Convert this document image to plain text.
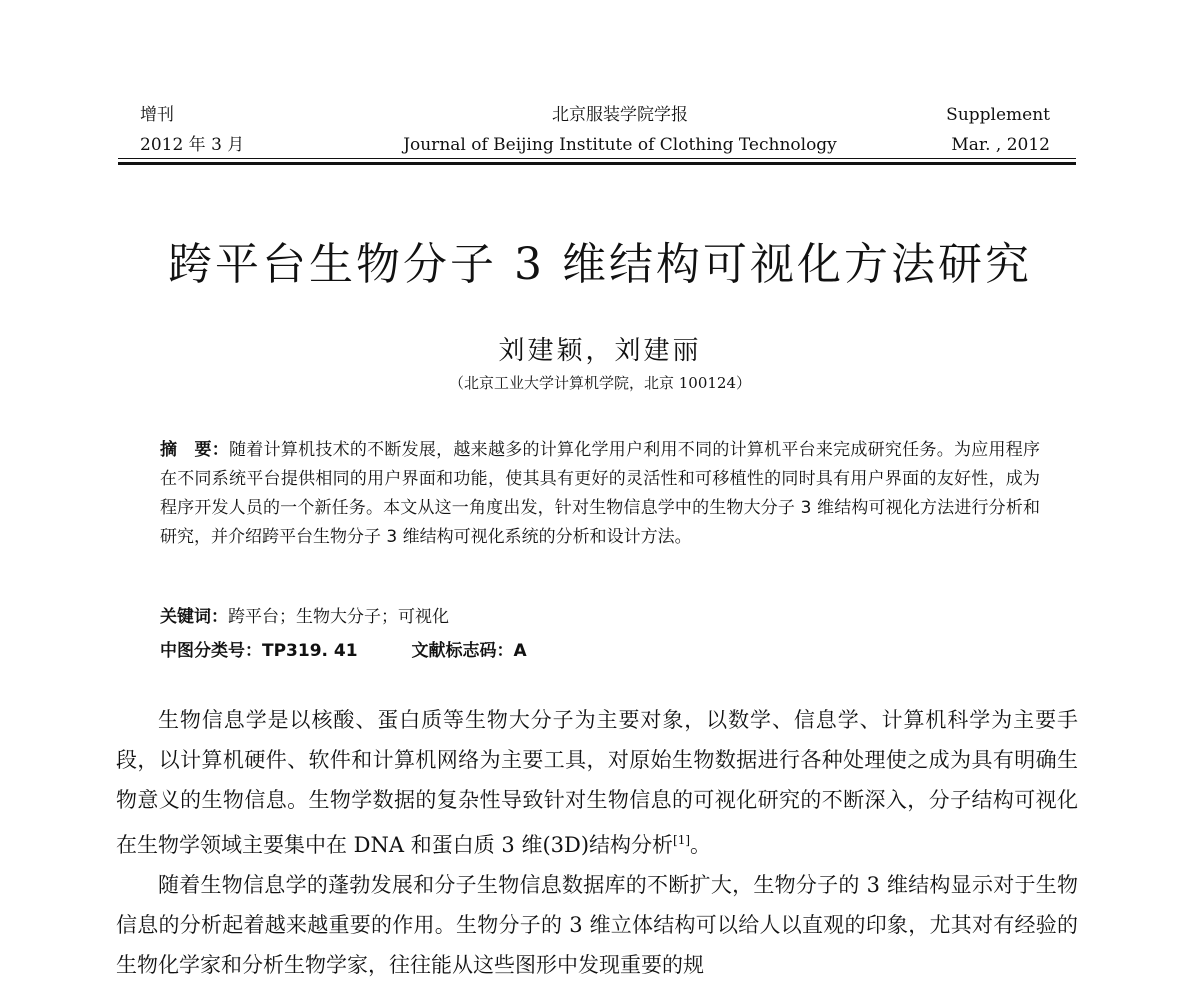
增刊
2012 年 3 月
北京服装学院学报
Journal of Beijing Institute of Clothing Technology
Supplement
Mar. , 2012
跨平台生物分子 3 维结构可视化方法研究
刘建颖，刘建丽
（北京工业大学计算机学院，北京 100124）
摘　要：随着计算机技术的不断发展，越来越多的计算化学用户利用不同的计算机平台来完成研究任务。为应用程序在不同系统平台提供相同的用户界面和功能，使其具有更好的灵活性和可移植性的同时具有用户界面的友好性，成为程序开发人员的一个新任务。本文从这一角度出发，针对生物信息学中的生物大分子 3 维结构可视化方法进行分析和研究，并介绍跨平台生物分子 3 维结构可视化系统的分析和设计方法。
关键词：跨平台；生物大分子；可视化
中图分类号：TP319. 41	文献标志码：A

生物信息学是以核酸、蛋白质等生物大分子为主要对象，以数学、信息学、计算机科学为主要手段，以计算机硬件、软件和计算机网络为主要工具，对原始生物数据进行各种处理使之成为具有明确生物意义的生物信息。生物学数据的复杂性导致针对生物信息的可视化研究的不断深入，分子结构可视化在生物学领域主要集中在 DNA 和蛋白质 3 维(3D)结构分析[1]。

随着生物信息学的蓬勃发展和分子生物信息数据库的不断扩大，生物分子的 3 维结构显示对于生物信息的分析起着越来越重要的作用。生物分子的 3 维立体结构可以给人以直观的印象，尤其对有经验的生物化学家和分析生物学家，往往能从这些图形中发现重要的规
